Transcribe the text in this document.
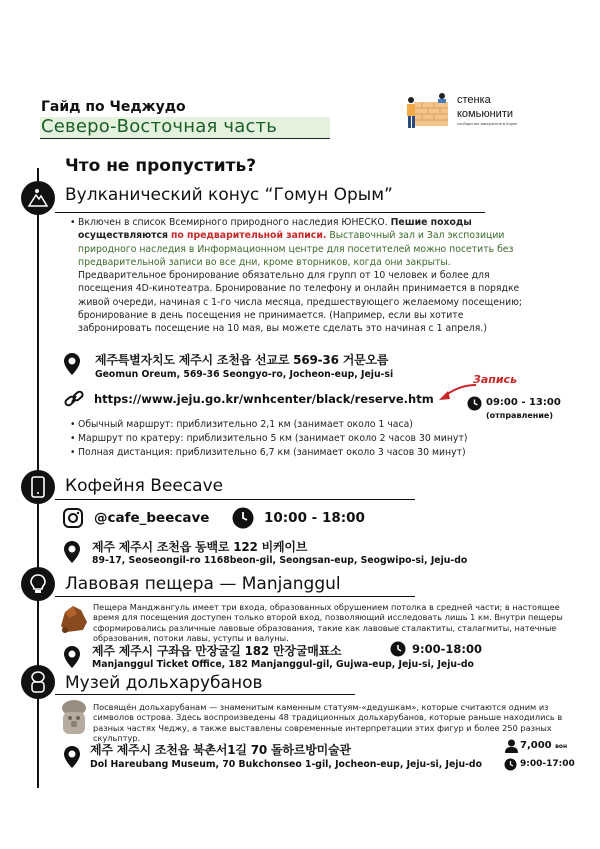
Гайд по Чеджудо
Северо-Восточная часть
стенка
комьюнити
сообщество эмигрантов в Корее
Что не пропустить?
Вулканический конус “Гомун Орым”
• Включен в список Всемирного природного наследия ЮНЕСКО. Пешие походы осуществляются по предварительной записи. Выставочный зал и Зал экспозиции природного наследия в Информационном центре для посетителей можно посетить без предварительной записи во все дни, кроме вторников, когда они закрыты. Предварительное бронирование обязательно для групп от 10 человек и более для посещения 4D-кинотеатра. Бронирование по телефону и онлайн принимается в порядке живой очереди, начиная с 1-го числа месяца, предшествующего желаемому посещению; бронирование в день посещения не принимается. (Например, если вы хотите забронировать посещение на 10 мая, вы можете сделать это начиная с 1 апреля.)
제주특별자치도 제주시 조천읍 선교로 569-36 거문오름
Geomun Oreum, 569-36 Seongyo-ro, Jocheon-eup, Jeju-si	Запись
https://www.jeju.go.kr/wnhcenter/black/reserve.htm	09:00 - 13:00
(отправление)
• Обычный маршрут: приблизительно 2,1 км (занимает около 1 часа)
• Маршрут по кратеру: приблизительно 5 км (занимает около 2 часов 30 минут)
• Полная дистанция: приблизительно 6,7 км (занимает около 3 часов 30 минут)
Кофейня Beecave
@cafe_beecave	10:00 - 18:00
제주 제주시 조천읍 동백로 122 비케이브
89-17, Seoseongil-ro 1168beon-gil, Seongsan-eup, Seogwipo-si, Jeju-do
Лавовая пещера — Manjanggul
Пещера Манджангуль имеет три входа, образованных обрушением потолка в средней части; в настоящее время для посещения доступен только второй вход, позволяющий исследовать лишь 1 км. Внутри пещеры сформировались различные лавовые образования, такие как лавовые сталактиты, сталагмиты, натечные образования, потоки лавы, уступы и валуны.
제주 제주시 구좌읍 만장굴길 182 만장굴매표소	9:00-18:00
Manjanggul Ticket Office, 182 Manjanggul-gil, Gujwa-eup, Jeju-si, Jeju-do
Музей дольхарубанов
Посвящён дольхарубанам — знаменитым каменным статуям-«дедушкам», которые считаются одним из символов острова. Здесь воспроизведены 48 традиционных дольхарубанов, которые раньше находились в разных частях Чеджу, а также выставлены современные интерпретации этих фигур и более 250 разных скульптур.
제주 제주시 조천읍 북촌서1길 70 돌하르방미술관
Dol Hareubang Museum, 70 Bukchonseo 1-gil, Jocheon-eup, Jeju-si, Jeju-do
7,000 вон
9:00-17:00
